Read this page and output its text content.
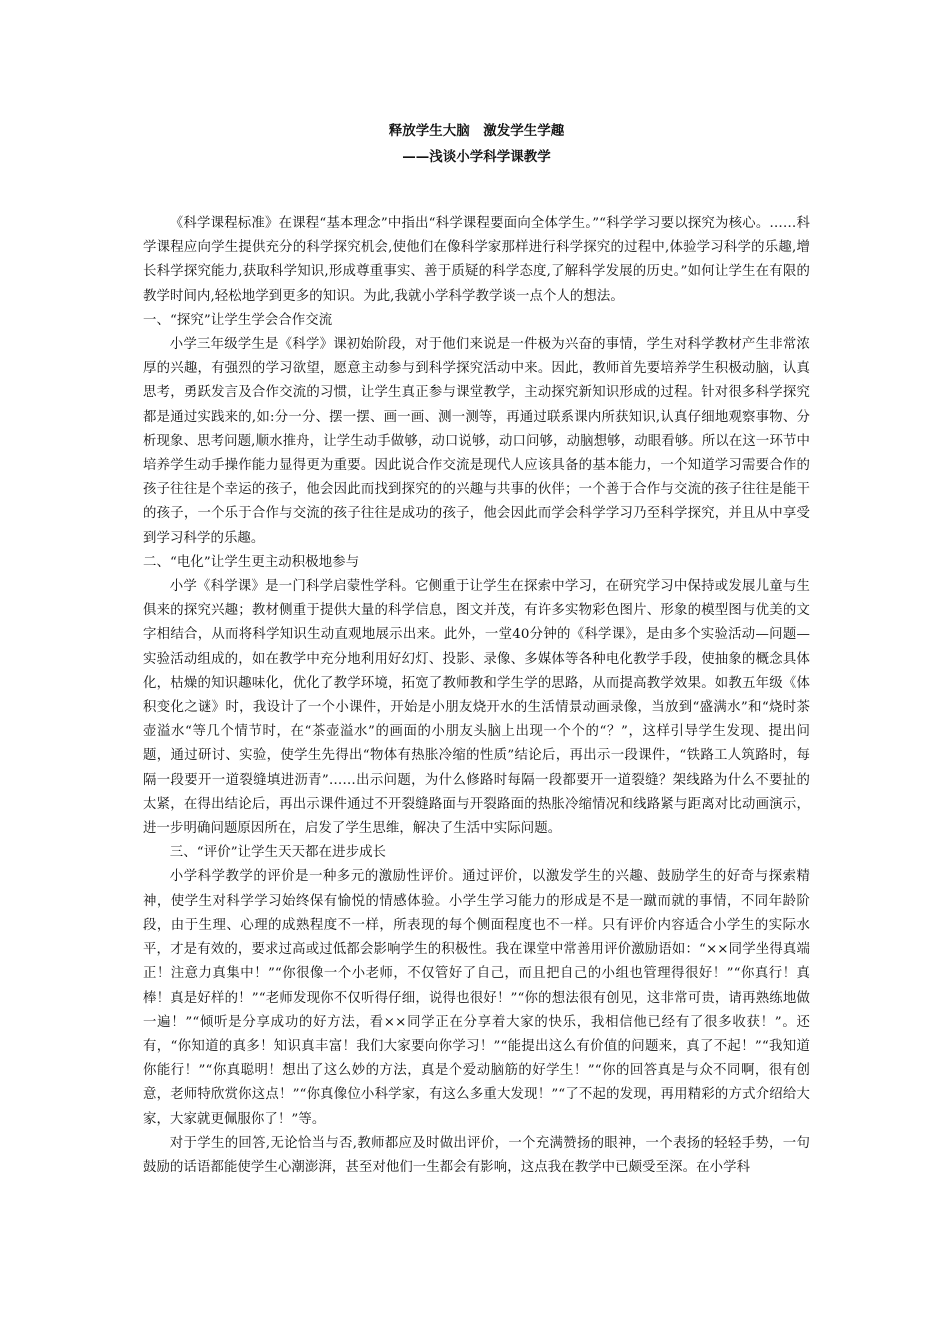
释放学生大脑　激发学生学趣
——浅谈小学科学课教学

《科学课程标准》在课程“基本理念”中指出“科学课程要面向全体学生。”“科学学习要以探究为核心。……科学课程应向学生提供充分的科学探究机会,使他们在像科学家那样进行科学探究的过程中,体验学习科学的乐趣,增长科学探究能力,获取科学知识,形成尊重事实、善于质疑的科学态度,了解科学发展的历史。”如何让学生在有限的教学时间内,轻松地学到更多的知识。为此,我就小学科学教学谈一点个人的想法。

一、“探究”让学生学会合作交流

小学三年级学生是《科学》课初始阶段，对于他们来说是一件极为兴奋的事情，学生对科学教材产生非常浓厚的兴趣，有强烈的学习欲望，愿意主动参与到科学探究活动中来。因此，教师首先要培养学生积极动脑，认真思考，勇跃发言及合作交流的习惯，让学生真正参与课堂教学，主动探究新知识形成的过程。针对很多科学探究都是通过实践来的,如:分一分、摆一摆、画一画、测一测等，再通过联系课内所获知识,认真仔细地观察事物、分析现象、思考问题,顺水推舟，让学生动手做够，动口说够，动口问够，动脑想够，动眼看够。所以在这一环节中培养学生动手操作能力显得更为重要。因此说合作交流是现代人应该具备的基本能力，一个知道学习需要合作的孩子往往是个幸运的孩子，他会因此而找到探究的的兴趣与共事的伙伴；一个善于合作与交流的孩子往往是能干的孩子，一个乐于合作与交流的孩子往往是成功的孩子，他会因此而学会科学学习乃至科学探究，并且从中享受到学习科学的乐趣。

二、“电化”让学生更主动积极地参与

小学《科学课》是一门科学启蒙性学科。它侧重于让学生在探索中学习，在研究学习中保持或发展儿童与生俱来的探究兴趣；教材侧重于提供大量的科学信息，图文并茂，有许多实物彩色图片、形象的模型图与优美的文字相结合，从而将科学知识生动直观地展示出来。此外，一堂40分钟的《科学课》，是由多个实验活动—问题—实验活动组成的，如在教学中充分地利用好幻灯、投影、录像、多媒体等各种电化教学手段，使抽象的概念具体化，枯燥的知识趣味化，优化了教学环境，拓宽了教师教和学生学的思路，从而提高教学效果。如教五年级《体积变化之谜》时，我设计了一个小课件，开始是小朋友烧开水的生活情景动画录像，当放到“盛满水”和“烧时茶壶溢水“等几个情节时，在“茶壶溢水”的画面的小朋友头脑上出现一个个的“？”，这样引导学生发现、提出问题，通过研讨、实验，使学生先得出“物体有热胀冷缩的性质”结论后，再出示一段课件，“铁路工人筑路时，每隔一段要开一道裂缝填进沥青”……出示问题，为什么修路时每隔一段都要开一道裂缝？架线路为什么不要扯的太紧，在得出结论后，再出示课件通过不开裂缝路面与开裂路面的热胀冷缩情况和线路紧与距离对比动画演示，进一步明确问题原因所在，启发了学生思维，解决了生活中实际问题。

三、“评价”让学生天天都在进步成长

小学科学教学的评价是一种多元的激励性评价。通过评价，以激发学生的兴趣、鼓励学生的好奇与探索精神，使学生对科学学习始终保有愉悦的情感体验。小学生学习能力的形成是不是一蹴而就的事情，不同年龄阶段，由于生理、心理的成熟程度不一样，所表现的每个侧面程度也不一样。只有评价内容适合小学生的实际水平，才是有效的，要求过高或过低都会影响学生的积极性。我在课堂中常善用评价激励语如：“××同学坐得真端正！注意力真集中！”“你很像一个小老师，不仅管好了自己，而且把自己的小组也管理得很好！”“你真行！真棒！真是好样的！”“老师发现你不仅听得仔细，说得也很好！”“你的想法很有创见，这非常可贵，请再熟练地做一遍！”“倾听是分享成功的好方法，看××同学正在分享着大家的快乐，我相信他已经有了很多收获！”。还有，“你知道的真多！知识真丰富！我们大家要向你学习！”“能提出这么有价值的问题来，真了不起！”“我知道你能行！”“你真聪明！想出了这么妙的方法，真是个爱动脑筋的好学生！”“你的回答真是与众不同啊，很有创意，老师特欣赏你这点！”“你真像位小科学家，有这么多重大发现！”“了不起的发现，再用精彩的方式介绍给大家，大家就更佩服你了！”等。

对于学生的回答,无论恰当与否,教师都应及时做出评价，一个充满赞扬的眼神，一个表扬的轻轻手势，一句鼓励的话语都能使学生心潮澎湃，甚至对他们一生都会有影响，这点我在教学中已颇受至深。在小学科
